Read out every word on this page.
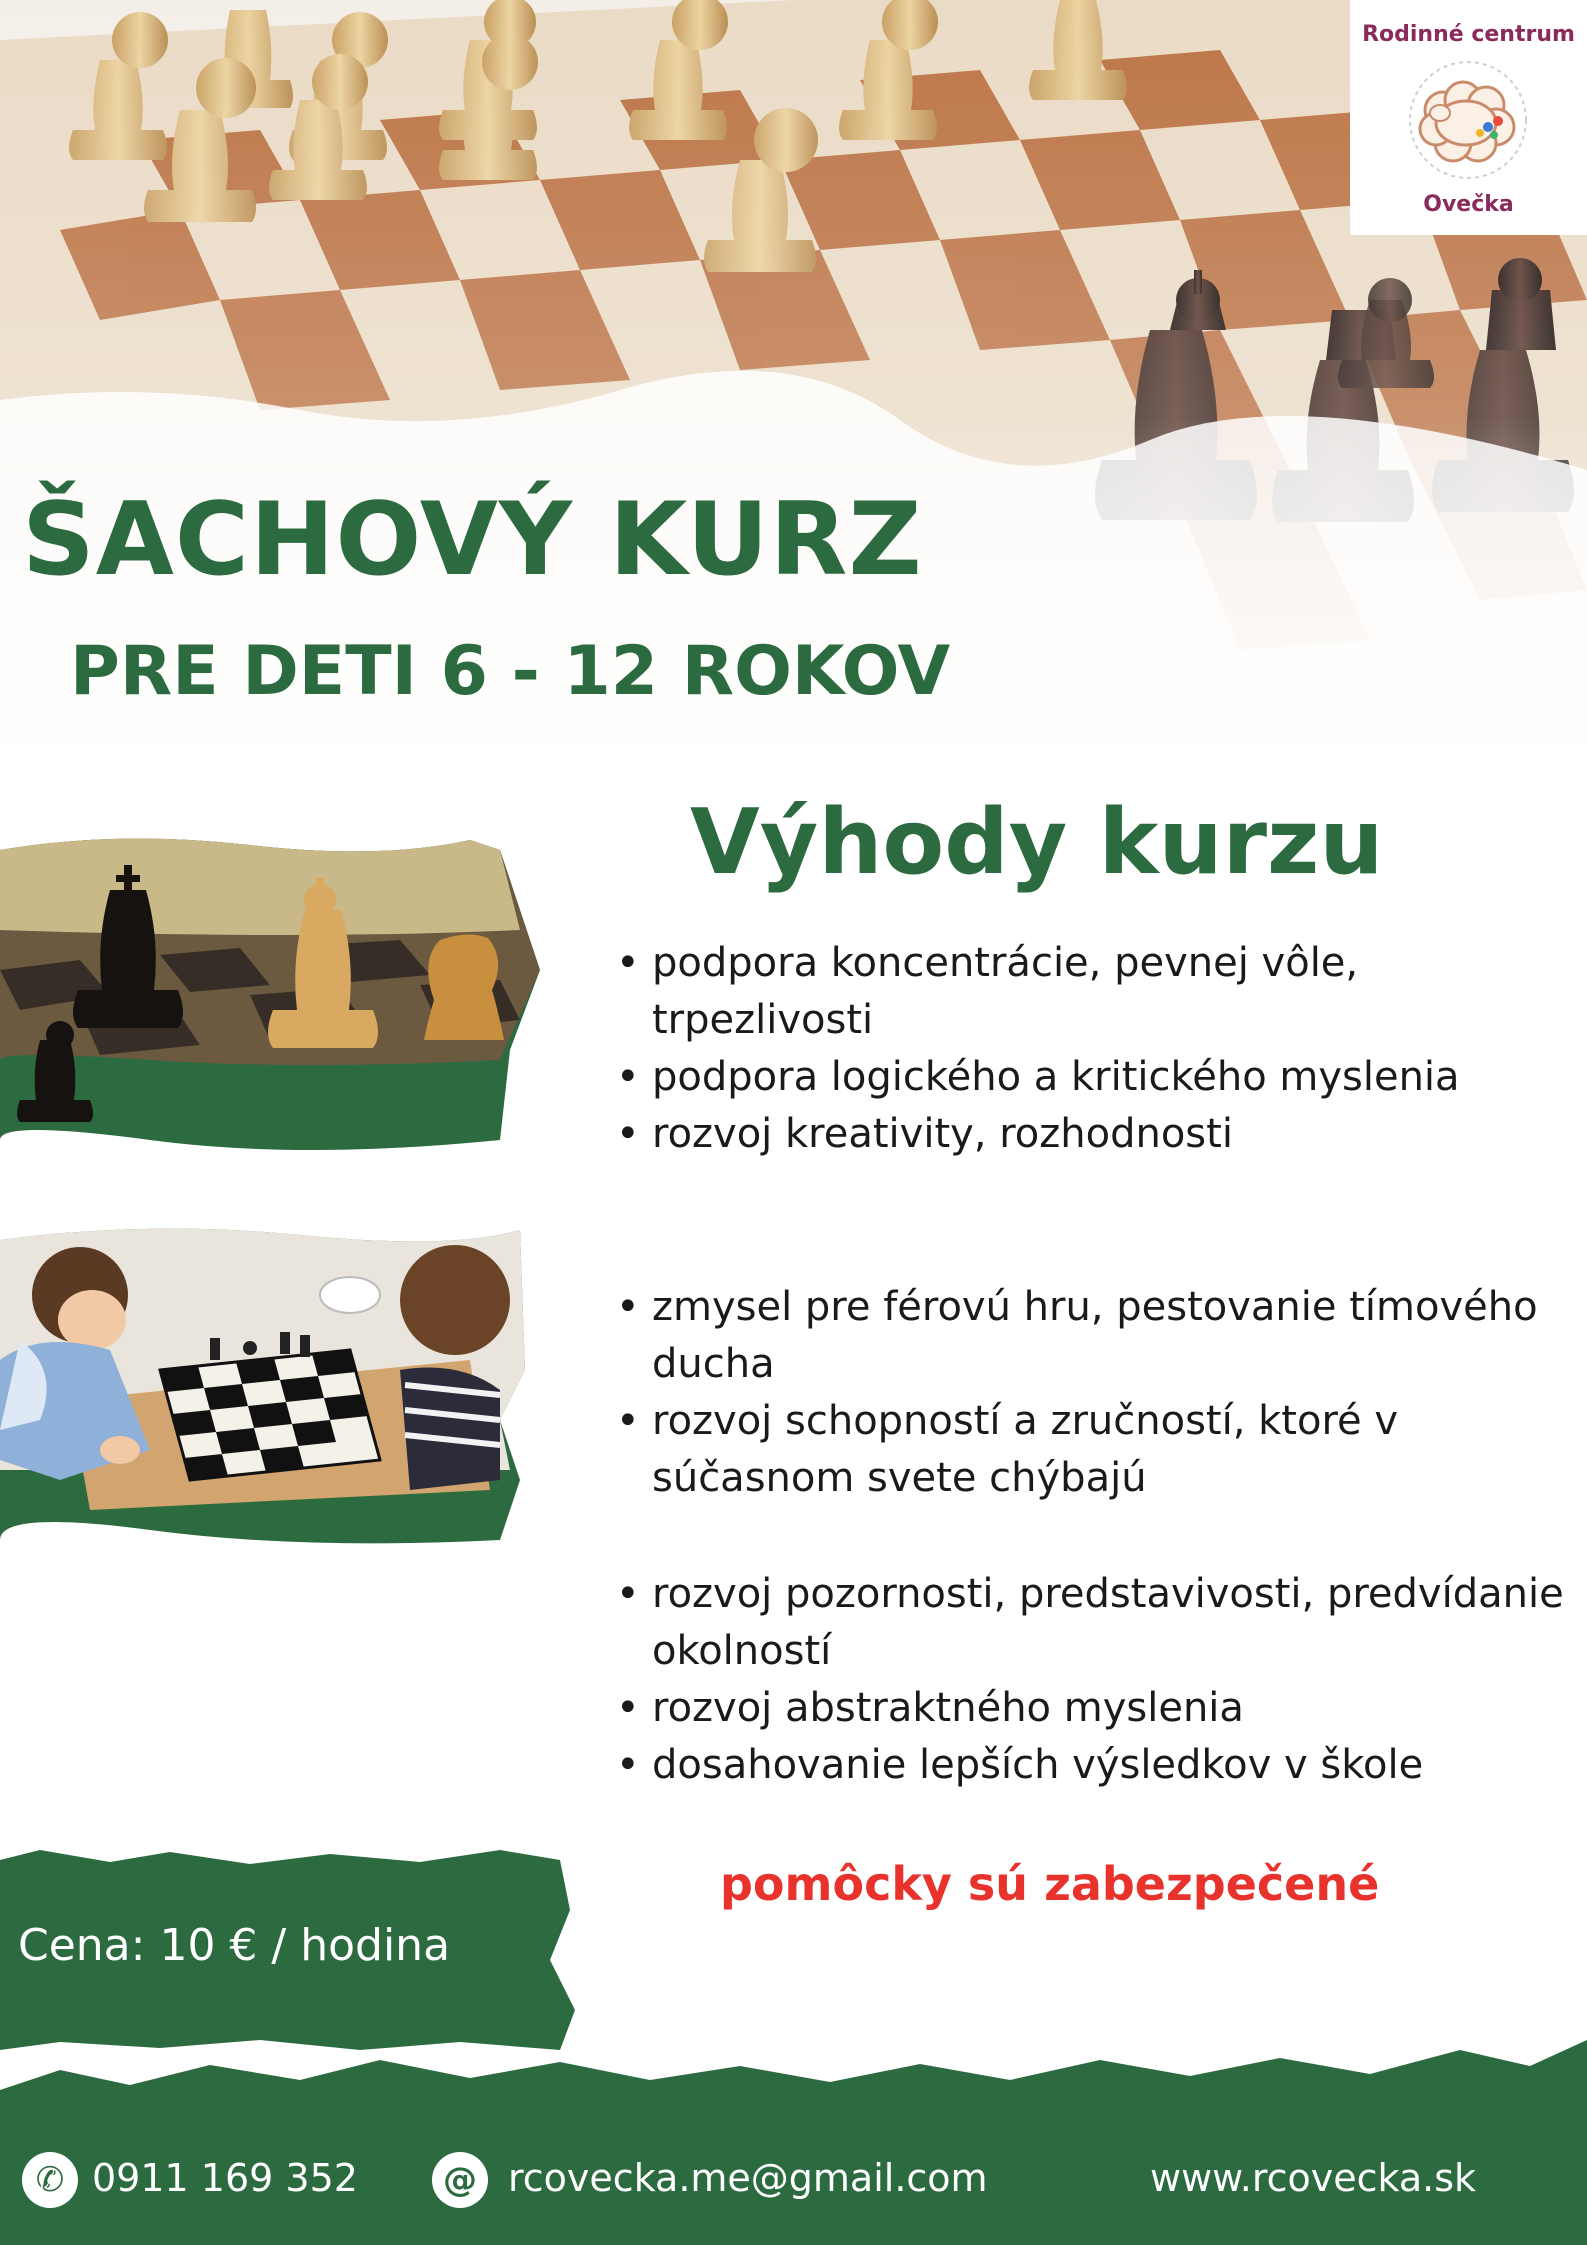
Rodinné centrum
Ovečka
ŠACHOVÝ KURZ
PRE DETI 6 - 12 ROKOV
Výhody kurzu
• podpora koncentrácie, pevnej vôle, trpezlivosti
• podpora logického a kritického myslenia
• rozvoj kreativity, rozhodnosti
• zmysel pre férovú hru, pestovanie tímového ducha
• rozvoj schopností a zručností, ktoré v súčasnom svete chýbajú
• rozvoj pozornosti, predstavivosti, predvídanie okolností
• rozvoj abstraktného myslenia
• dosahovanie lepších výsledkov v škole
Cena: 10 € / hodina
pomôcky sú zabezpečené
✆ 0911 169 352	@ rcovecka.me@gmail.com	www.rcovecka.sk
